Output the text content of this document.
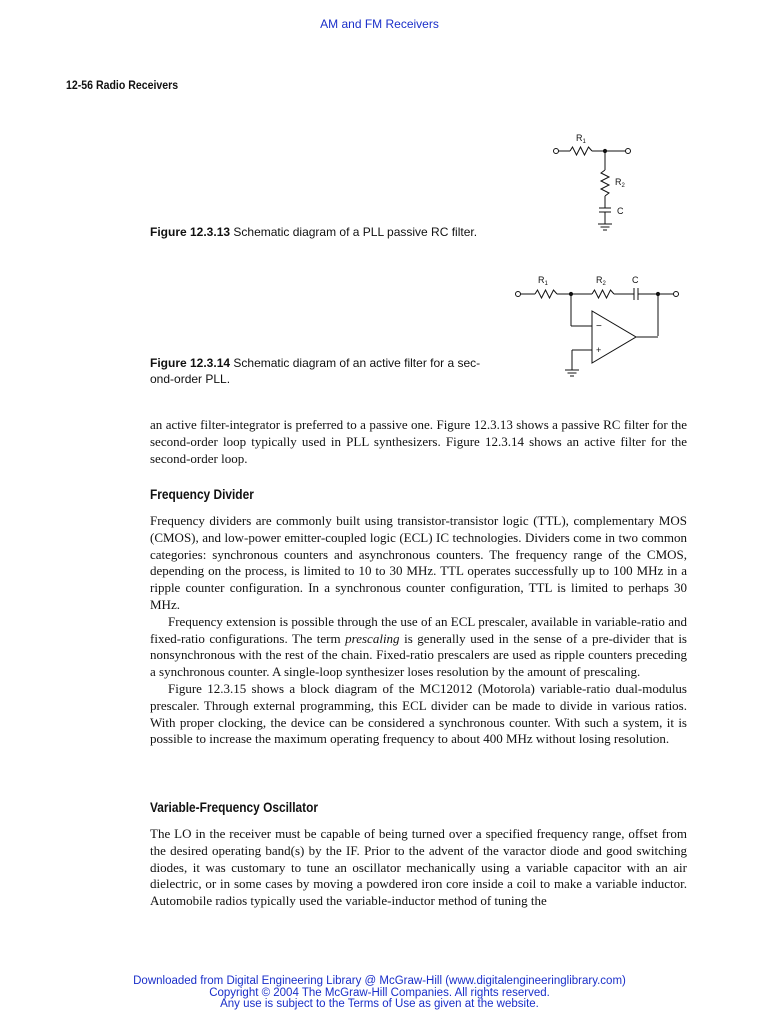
AM and FM Receivers
12-56 Radio Receivers
R 1
R 2
C
Figure 12.3.13 Schematic diagram of a PLL passive RC filter.
R 1	R 2	C
−
+
Figure 12.3.14 Schematic diagram of an active filter for a sec-
ond-order PLL.

an active filter-integrator is preferred to a passive one. Figure 12.3.13 shows a passive RC filter for the second-order loop typically used in PLL synthesizers. Figure 12.3.14 shows an active filter for the second-order loop.

Frequency Divider

Frequency dividers are commonly built using transistor-transistor logic (TTL), complementary MOS (CMOS), and low-power emitter-coupled logic (ECL) IC technologies. Dividers come in two common categories: synchronous counters and asynchronous counters. The frequency range of the CMOS, depending on the process, is limited to 10 to 30 MHz. TTL operates successfully up to 100 MHz in a ripple counter configuration. In a synchronous counter configuration, TTL is limited to perhaps 30 MHz.

Frequency extension is possible through the use of an ECL prescaler, available in variable-ratio and fixed-ratio configurations. The term prescaling is generally used in the sense of a pre-divider that is nonsynchronous with the rest of the chain. Fixed-ratio prescalers are used as ripple counters preceding a synchronous counter. A single-loop synthesizer loses resolution by the amount of prescaling.

Figure 12.3.15 shows a block diagram of the MC12012 (Motorola) variable-ratio dual-modulus prescaler. Through external programming, this ECL divider can be made to divide in various ratios. With proper clocking, the device can be considered a synchronous counter. With such a system, it is possible to increase the maximum operating frequency to about 400 MHz without losing resolution.

Variable-Frequency Oscillator

The LO in the receiver must be capable of being turned over a specified frequency range, offset from the desired operating band(s) by the IF. Prior to the advent of the varactor diode and good switching diodes, it was customary to tune an oscillator mechanically using a variable capacitor with an air dielectric, or in some cases by moving a powdered iron core inside a coil to make a variable inductor. Automobile radios typically used the variable-inductor method of tuning the

Downloaded from Digital Engineering Library @ McGraw-Hill (www.digitalengineeringlibrary.com)
Copyright © 2004 The McGraw-Hill Companies. All rights reserved.
Any use is subject to the Terms of Use as given at the website.
